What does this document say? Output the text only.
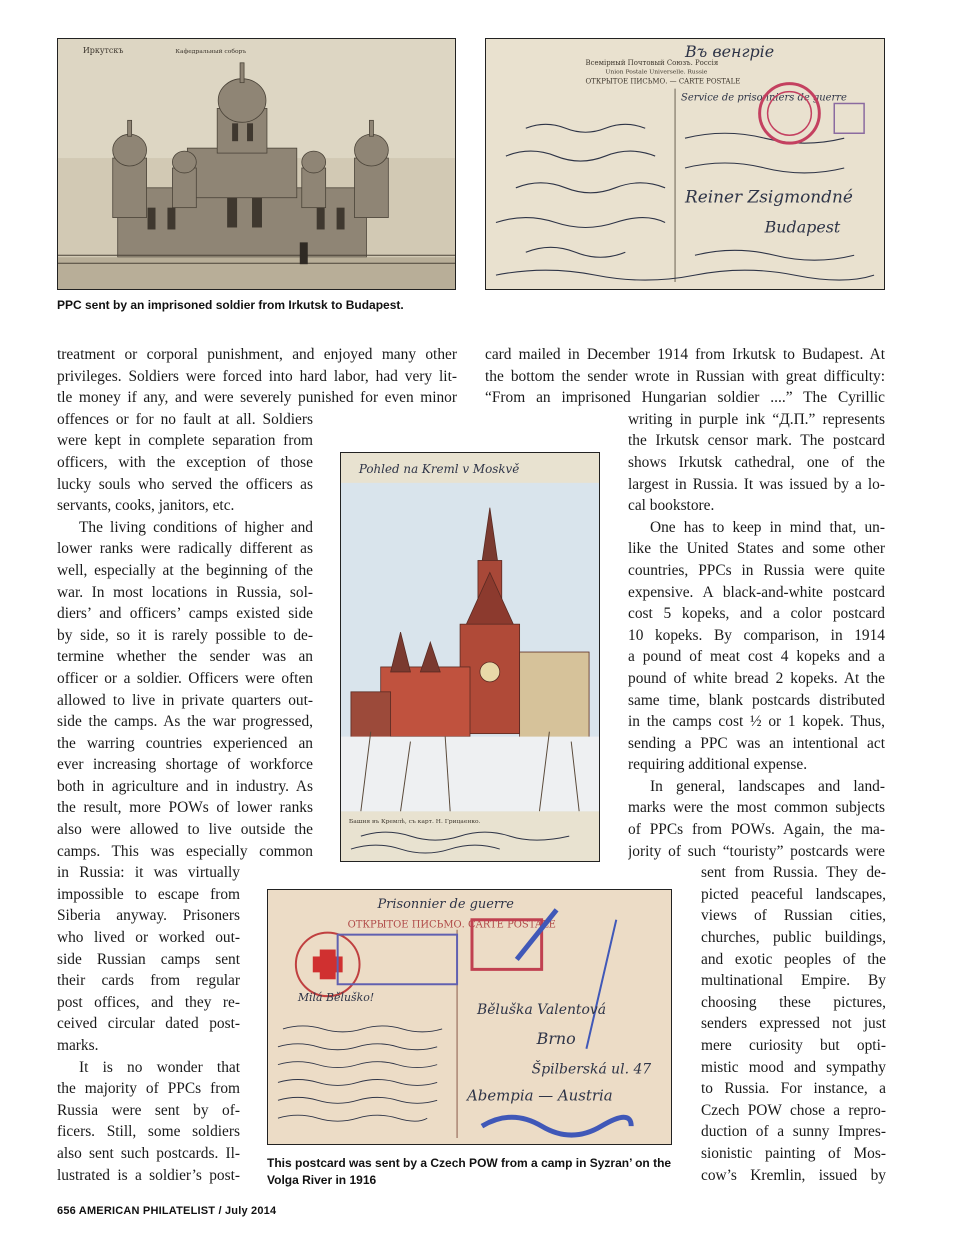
Иркутскъ	Кафедральный соборъ
Всемірный Почтовый Союзъ. Россія
Union Postale Universelle. Russie
ОТКРЫТОЕ ПИСЬМО. — CARTE POSTALE
Въ венгріе
Service de prisonniers de guerre
Reiner Zsigmondné
Budapest
PPC sent by an imprisoned soldier from Irkutsk to Budapest.
Pohled na Kreml v Moskvě
Башня въ Кремлѣ, съ карт. Н. Грицаенко.
Prisonnier de guerre
ОТКРЫТОЕ ПИСЬМО. CARTE POSTALE
Milá Běluško!
Běluška Valentová
Brno
Špilberská ul. 47
Abempia — Austria
This postcard was sent by a Czech POW from a camp in Syzran’ on the Volga River in 1916
treatment or corporal punishment, and enjoyed many other
privileges. Soldiers were forced into hard labor, had very lit-
tle money if any, and were severely punished for even minor
offences or for no fault at all. Soldiers
were kept in complete separation from
officers, with the exception of those
lucky souls who served the officers as
servants, cooks, janitors, etc.
The living conditions of higher and
lower ranks were radically different as
well, especially at the beginning of the
war. In most locations in Russia, sol-
diers’ and officers’ camps existed side
by side, so it is rarely possible to de-
termine whether the sender was an
officer or a soldier. Officers were often
allowed to live in private quarters out-
side the camps. As the war progressed,
the warring countries experienced an
ever increasing shortage of workforce
both in agriculture and in industry. As
the result, more POWs of lower ranks
also were allowed to live outside the
camps. This was especially common
in Russia: it was virtually
impossible to escape from
Siberia anyway. Prisoners
who lived or worked out-
side Russian camps sent
their cards from regular
post offices, and they re-
ceived circular dated post-
marks.
It is no wonder that
the majority of PPCs from
Russia were sent by of-
ficers. Still, some soldiers
also sent such postcards. Il-
lustrated is a soldier’s post-
card mailed in December 1914 from Irkutsk to Budapest. At
the bottom the sender wrote in Russian with great difficulty:
“From an imprisoned Hungarian soldier ....” The Cyrillic
writing in purple ink “Д.П.” represents
the Irkutsk censor mark. The postcard
shows Irkutsk cathedral, one of the
largest in Russia. It was issued by a lo-
cal bookstore.
One has to keep in mind that, un-
like the United States and some other
countries, PPCs in Russia were quite
expensive. A black-and-white postcard
cost 5 kopeks, and a color postcard
10 kopeks. By comparison, in 1914
a pound of meat cost 4 kopeks and a
pound of white bread 2 kopeks. At the
same time, blank postcards distributed
in the camps cost ½ or 1 kopek. Thus,
sending a PPC was an intentional act
requiring additional expense.
In general, landscapes and land-
marks were the most common subjects
of PPCs from POWs. Again, the ma-
jority of such “touristy” postcards were
sent from Russia. They de-
picted peaceful landscapes,
views of Russian cities,
churches, public buildings,
and exotic peoples of the
multinational Empire. By
choosing these pictures,
senders expressed not just
mere curiosity but opti-
mistic mood and sympathy
to Russia. For instance, a
Czech POW chose a repro-
duction of a sunny Impres-
sionistic painting of Mos-
cow’s Kremlin, issued by
656 AMERICAN PHILATELIST / July 2014
